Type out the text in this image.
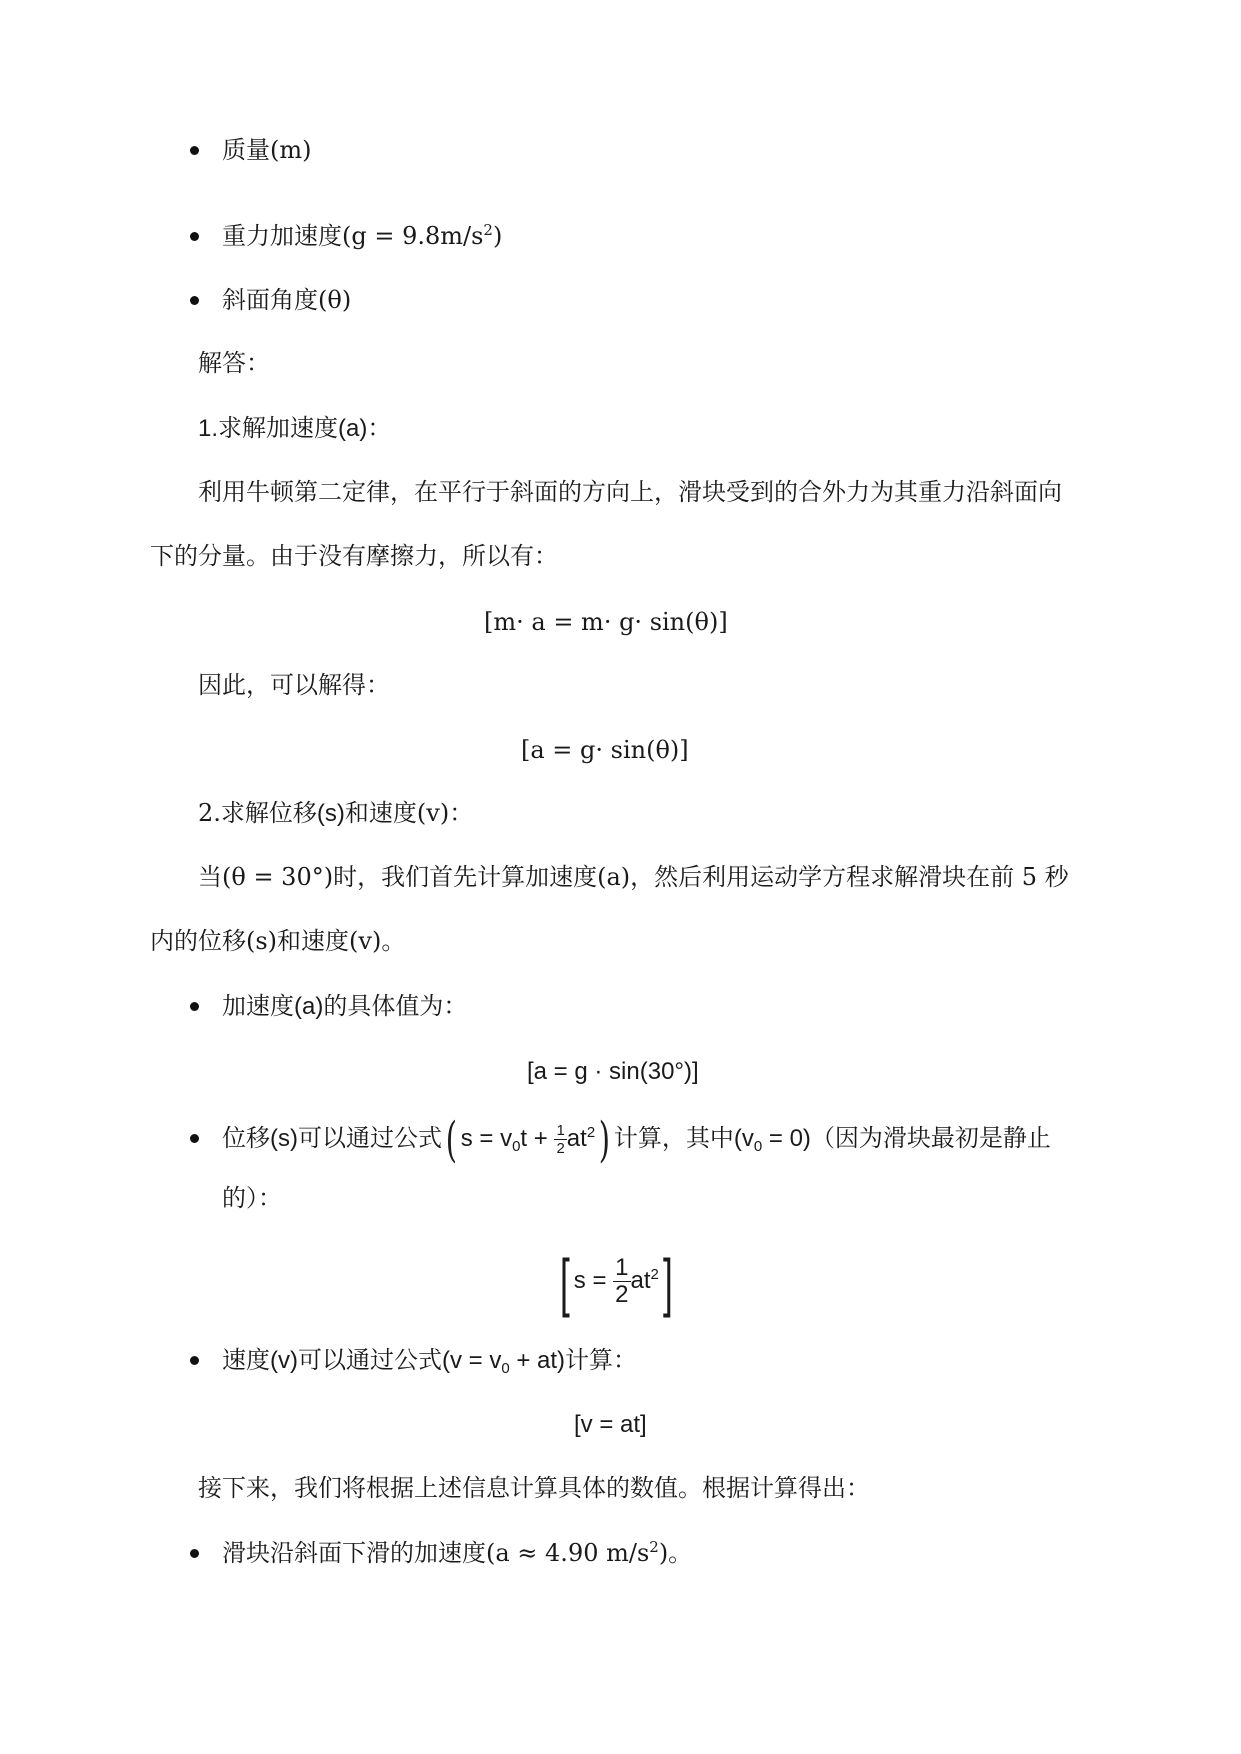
质量(m)
重力加速度$(g = 9.8m/s^2)$
斜面角度(θ)
解答：
1.求解加速度(a)：
利用牛顿第二定律，在平行于斜面的方向上，滑块受到的合外力为其重力沿斜面向
下的分量。由于没有摩擦力，所以有：
[m· a = m· g· sin(θ)]
因此，可以解得：
[a = g· sin(θ)]
2.求解位移(s)和速度(v)：
当(θ = 30°)时，我们首先计算加速度(a)，然后利用运动学方程求解滑块在前 5 秒
内的位移(s)和速度(v)。
加速度(a)的具体值为：
[a = g · sin(30°)]
位移(s)可以通过公式( $s = v_0t + \frac{1}{2} at^2$) 计算，其中$(v_0 = 0)$（因为滑块最初是静止
的）：
[ $s = \frac{1}{2} at^2$]
速度(v)可以通过公式$(v = v_0 + at)$计算：
[v = at]
接下来，我们将根据上述信息计算具体的数值。根据计算得出：
滑块沿斜面下滑的加速度(a ≈ 4.90 $m/s^2$)。
